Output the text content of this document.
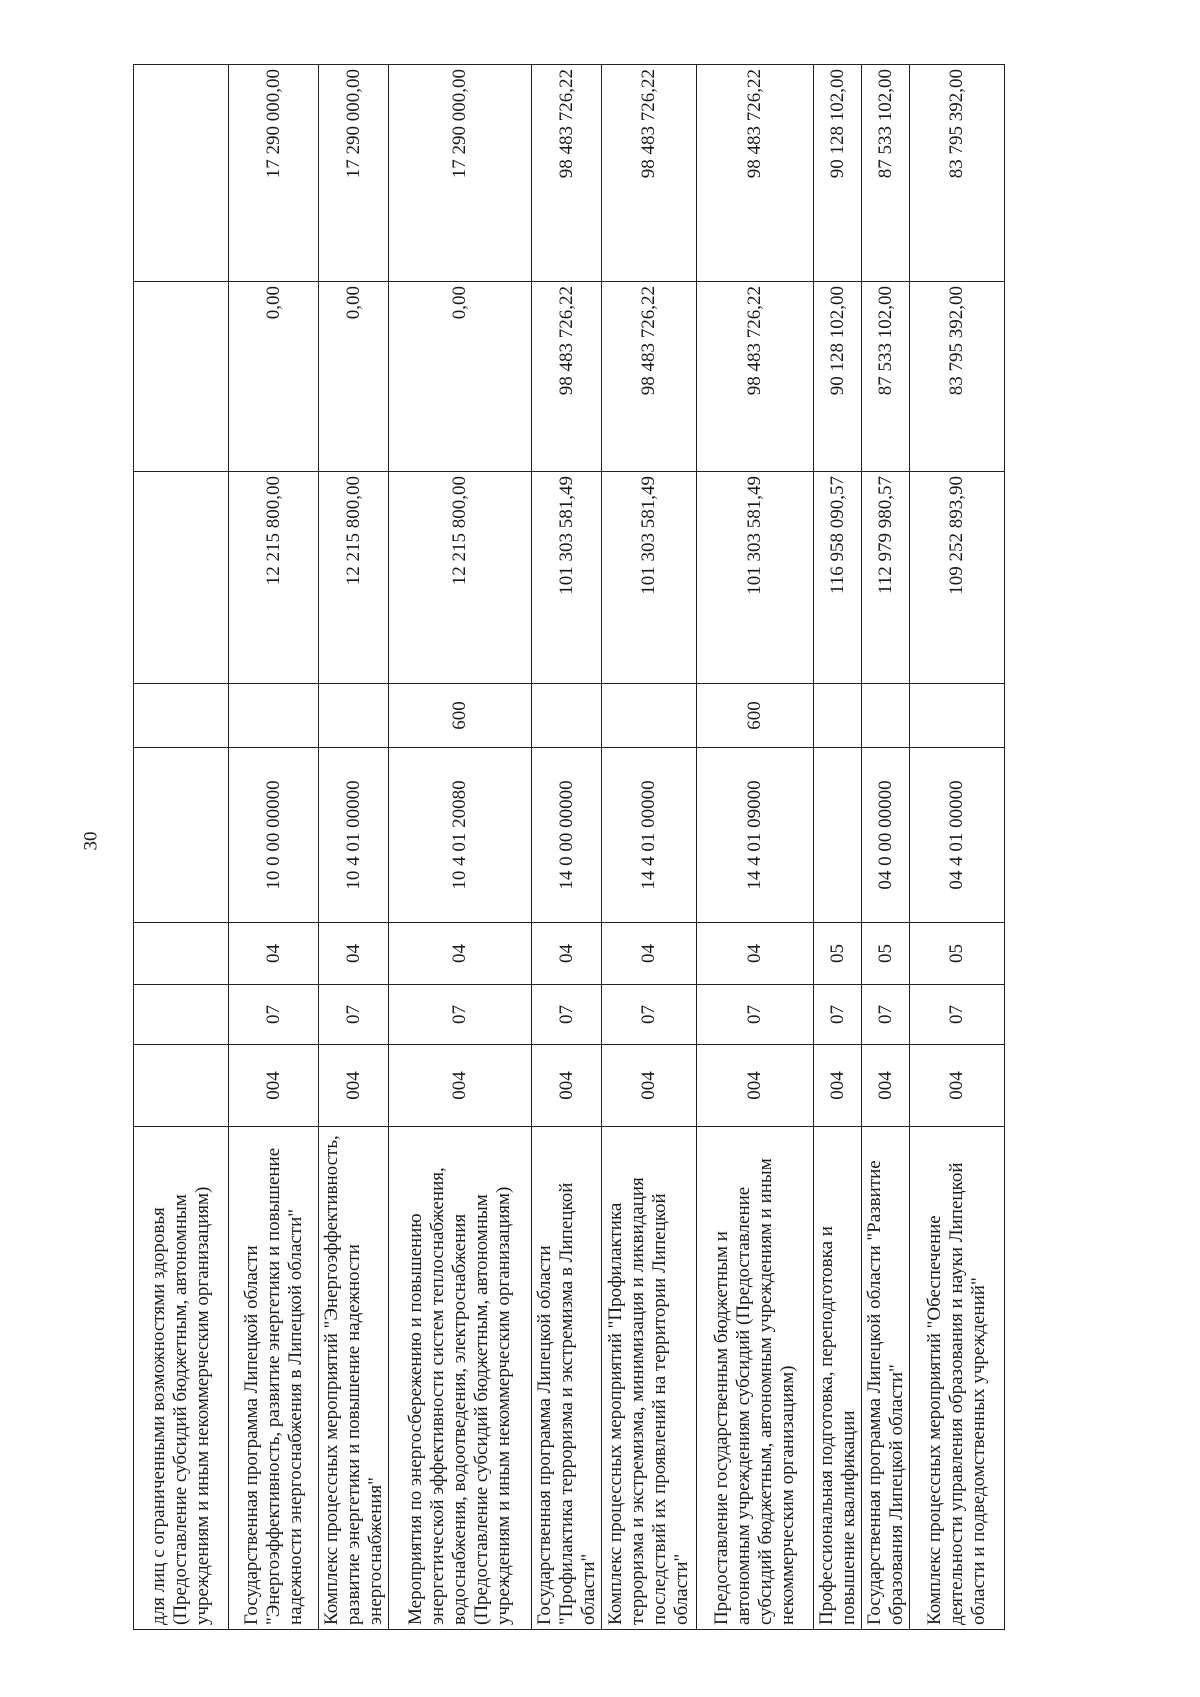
30
для лиц с ограниченными возможностями здоровья (Предоставление субсидий бюджетным, автономным учреждениям и иным некоммерческим организациям)								
Государственная программа Липецкой области "Энергоэффективность, развитие энергетики и повышение надежности энергоснабжения в Липецкой области"	004	07	04	10 0 00 00000		12 215 800,00	0,00	17 290 000,00
Комплекс процессных мероприятий "Энергоэффективность, развитие энергетики и повышение надежности энергоснабжения"	004	07	04	10 4 01 00000		12 215 800,00	0,00	17 290 000,00
Мероприятия по энергосбережению и повышению энергетической эффективности систем теплоснабжения, водоснабжения, водоотведения, электроснабжения (Предоставление субсидий бюджетным, автономным учреждениям и иным некоммерческим организациям)	004	07	04	10 4 01 20080	600	12 215 800,00	0,00	17 290 000,00
Государственная программа Липецкой области "Профилактика терроризма и экстремизма в Липецкой области"	004	07	04	14 0 00 00000		101 303 581,49	98 483 726,22	98 483 726,22
Комплекс процессных мероприятий "Профилактика терроризма и экстремизма, минимизация и ликвидация последствий их проявлений на территории Липецкой области"	004	07	04	14 4 01 00000		101 303 581,49	98 483 726,22	98 483 726,22
Предоставление государственным бюджетным и автономным учреждениям субсидий (Предоставление субсидий бюджетным, автономным учреждениям и иным некоммерческим организациям)	004	07	04	14 4 01 09000	600	101 303 581,49	98 483 726,22	98 483 726,22
Профессиональная подготовка, переподготовка и повышение квалификации	004	07	05			116 958 090,57	90 128 102,00	90 128 102,00
Государственная программа Липецкой области "Развитие образования Липецкой области"	004	07	05	04 0 00 00000		112 979 980,57	87 533 102,00	87 533 102,00
Комплекс процессных мероприятий "Обеспечение деятельности управления образования и науки Липецкой области и подведомственных учреждений"	004	07	05	04 4 01 00000		109 252 893,90	83 795 392,00	83 795 392,00
